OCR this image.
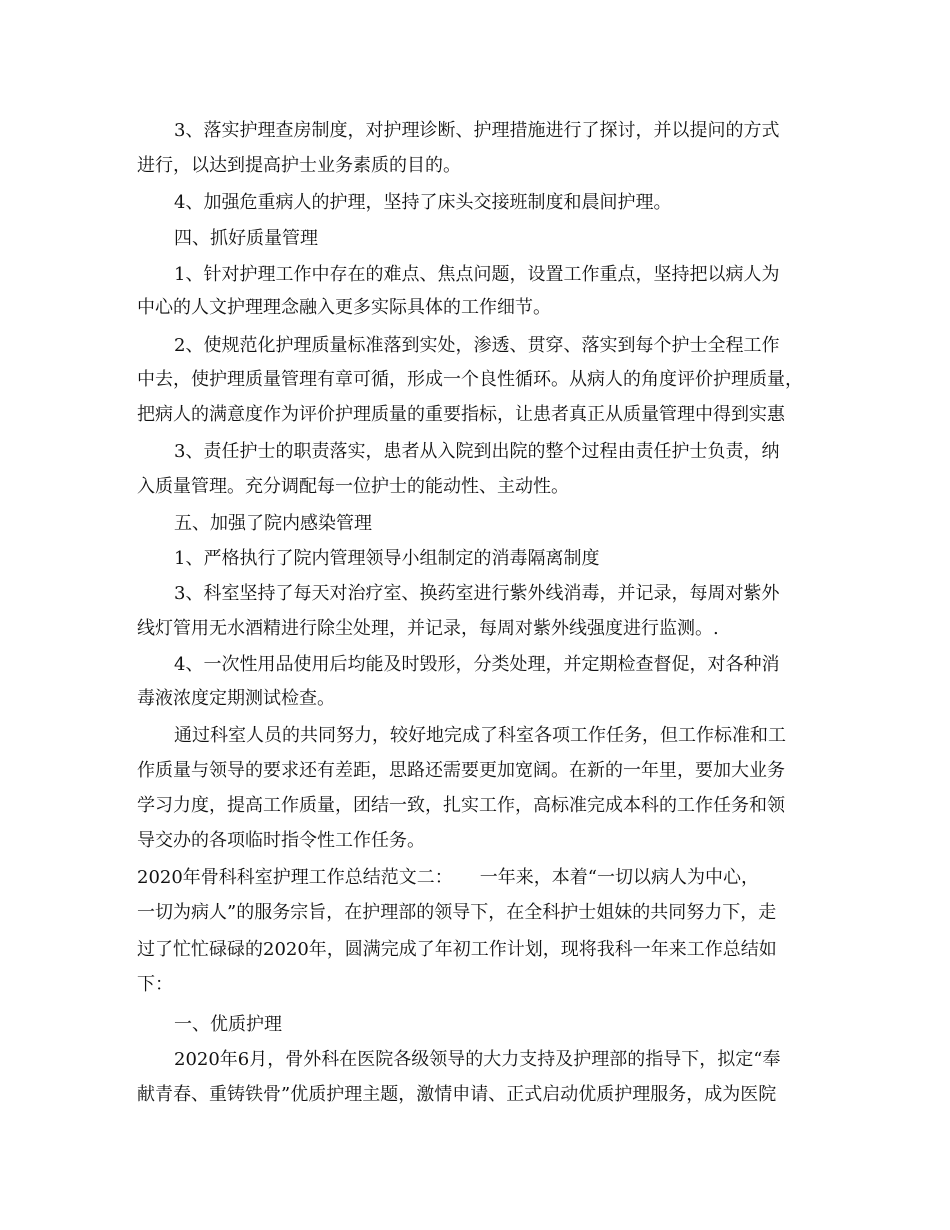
3、落实护理查房制度，对护理诊断、护理措施进行了探讨，并以提问的方式
进行，以达到提高护士业务素质的目的。
4、加强危重病人的护理，坚持了床头交接班制度和晨间护理。
四、抓好质量管理
1、针对护理工作中存在的难点、焦点问题，设置工作重点，坚持把以病人为
中心的人文护理理念融入更多实际具体的工作细节。
2、使规范化护理质量标准落到实处，渗透、贯穿、落实到每个护士全程工作
中去，使护理质量管理有章可循，形成一个良性循环。从病人的角度评价护理质量，
把病人的满意度作为评价护理质量的重要指标，让患者真正从质量管理中得到实惠
3、责任护士的职责落实，患者从入院到出院的整个过程由责任护士负责，纳
入质量管理。充分调配每一位护士的能动性、主动性。
五、加强了院内感染管理
1、严格执行了院内管理领导小组制定的消毒隔离制度
3、科室坚持了每天对治疗室、换药室进行紫外线消毒，并记录，每周对紫外
线灯管用无水酒精进行除尘处理，并记录，每周对紫外线强度进行监测。.
4、一次性用品使用后均能及时毁形，分类处理，并定期检查督促，对各种消
毒液浓度定期测试检查。
通过科室人员的共同努力，较好地完成了科室各项工作任务，但工作标准和工
作质量与领导的要求还有差距，思路还需要更加宽阔。在新的一年里，要加大业务
学习力度，提高工作质量，团结一致，扎实工作，高标准完成本科的工作任务和领
导交办的各项临时指令性工作任务。
2020年骨科科室护理工作总结范文二：　　一年来，本着“一切以病人为中心，
一切为病人”的服务宗旨，在护理部的领导下，在全科护士姐妹的共同努力下，走
过了忙忙碌碌的2020年，圆满完成了年初工作计划，现将我科一年来工作总结如
下：
一、优质护理
2020年6月，骨外科在医院各级领导的大力支持及护理部的指导下，拟定“奉
献青春、重铸铁骨”优质护理主题，激情申请、正式启动优质护理服务，成为医院
